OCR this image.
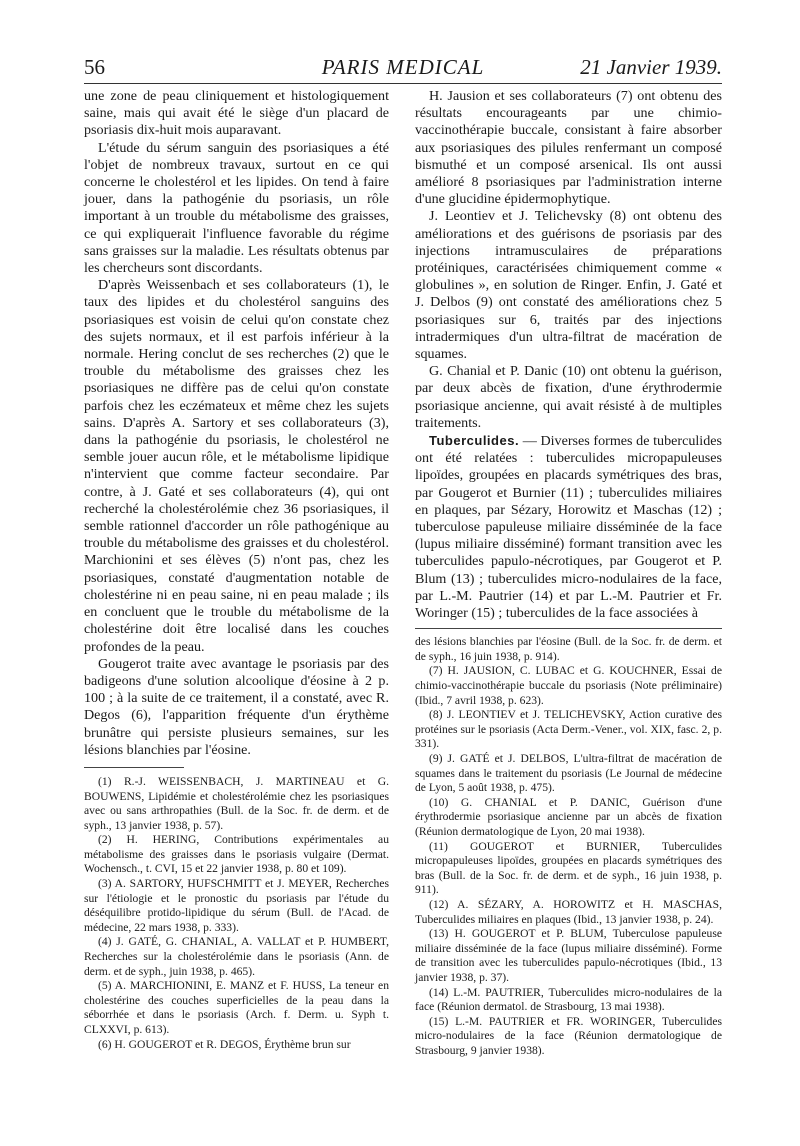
56	PARIS MEDICAL	21 Janvier 1939.

une zone de peau cliniquement et histologiquement saine, mais qui avait été le siège d'un placard de psoriasis dix-huit mois auparavant.

L'étude du sérum sanguin des psoriasiques a été l'objet de nombreux travaux, surtout en ce qui concerne le cholestérol et les lipides. On tend à faire jouer, dans la pathogénie du psoriasis, un rôle important à un trouble du métabolisme des graisses, ce qui expliquerait l'influence favorable du régime sans graisses sur la maladie. Les résultats obtenus par les chercheurs sont discordants.

D'après Weissenbach et ses collaborateurs (1), le taux des lipides et du cholestérol sanguins des psoriasiques est voisin de celui qu'on constate chez des sujets normaux, et il est parfois inférieur à la normale. Hering conclut de ses recherches (2) que le trouble du métabolisme des graisses chez les psoriasiques ne diffère pas de celui qu'on constate parfois chez les eczémateux et même chez les sujets sains. D'après A. Sartory et ses collaborateurs (3), dans la pathogénie du psoriasis, le cholestérol ne semble jouer aucun rôle, et le métabolisme lipidique n'intervient que comme facteur secondaire. Par contre, à J. Gaté et ses collaborateurs (4), qui ont recherché la cholestérolémie chez 36 psoriasiques, il semble rationnel d'accorder un rôle pathogénique au trouble du métabolisme des graisses et du cholestérol. Marchionini et ses élèves (5) n'ont pas, chez les psoriasiques, constaté d'augmentation notable de cholestérine ni en peau saine, ni en peau malade ; ils en concluent que le trouble du métabolisme de la cholestérine doit être localisé dans les couches profondes de la peau.

Gougerot traite avec avantage le psoriasis par des badigeons d'une solution alcoolique d'éosine à 2 p. 100 ; à la suite de ce traitement, il a constaté, avec R. Degos (6), l'apparition fréquente d'un érythème brunâtre qui persiste plusieurs semaines, sur les lésions blanchies par l'éosine.

(1) R.-J. WEISSENBACH, J. MARTINEAU et G. BOUWENS, Lipidémie et cholestérolémie chez les psoriasiques avec ou sans arthropathies (Bull. de la Soc. fr. de derm. et de syph., 13 janvier 1938, p. 57).

(2) H. HERING, Contributions expérimentales au métabolisme des graisses dans le psoriasis vulgaire (Dermat. Wochensch., t. CVI, 15 et 22 janvier 1938, p. 80 et 109).

(3) A. SARTORY, HUFSCHMITT et J. MEYER, Recherches sur l'étiologie et le pronostic du psoriasis par l'étude du déséquilibre protido-lipidique du sérum (Bull. de l'Acad. de médecine, 22 mars 1938, p. 333).

(4) J. GATÉ, G. CHANIAL, A. VALLAT et P. HUMBERT, Recherches sur la cholestérolémie dans le psoriasis (Ann. de derm. et de syph., juin 1938, p. 465).

(5) A. MARCHIONINI, E. MANZ et F. HUSS, La teneur en cholestérine des couches superficielles de la peau dans la séborrhée et dans le psoriasis (Arch. f. Derm. u. Syph t. CLXXVI, p. 613).

(6) H. GOUGEROT et R. DEGOS, Érythème brun sur

H. Jausion et ses collaborateurs (7) ont obtenu des résultats encourageants par une chimio-vaccinothérapie buccale, consistant à faire absorber aux psoriasiques des pilules renfermant un composé bismuthé et un composé arsenical. Ils ont aussi amélioré 8 psoriasiques par l'administration interne d'une glucidine épidermophytique.

J. Leontiev et J. Telichevsky (8) ont obtenu des améliorations et des guérisons de psoriasis par des injections intramusculaires de préparations protéiniques, caractérisées chimiquement comme « globulines », en solution de Ringer. Enfin, J. Gaté et J. Delbos (9) ont constaté des améliorations chez 5 psoriasiques sur 6, traités par des injections intradermiques d'un ultra-filtrat de macération de squames.

G. Chanial et P. Danic (10) ont obtenu la guérison, par deux abcès de fixation, d'une érythrodermie psoriasique ancienne, qui avait résisté à de multiples traitements.

Tuberculides. — Diverses formes de tuberculides ont été relatées : tuberculides micropapuleuses lipoïdes, groupées en placards symétriques des bras, par Gougerot et Burnier (11) ; tuberculides miliaires en plaques, par Sézary, Horowitz et Maschas (12) ; tuberculose papuleuse miliaire disséminée de la face (lupus miliaire disséminé) formant transition avec les tuberculides papulo-nécrotiques, par Gougerot et P. Blum (13) ; tuberculides micro-nodulaires de la face, par L.-M. Pautrier (14) et par L.-M. Pautrier et Fr. Woringer (15) ; tuberculides de la face associées à

des lésions blanchies par l'éosine (Bull. de la Soc. fr. de derm. et de syph., 16 juin 1938, p. 914).

(7) H. JAUSION, C. LUBAC et G. KOUCHNER, Essai de chimio-vaccinothérapie buccale du psoriasis (Note préliminaire) (Ibid., 7 avril 1938, p. 623).

(8) J. LEONTIEV et J. TELICHEVSKY, Action curative des protéines sur le psoriasis (Acta Derm.-Vener., vol. XIX, fasc. 2, p. 331).

(9) J. GATÉ et J. DELBOS, L'ultra-filtrat de macération de squames dans le traitement du psoriasis (Le Journal de médecine de Lyon, 5 août 1938, p. 475).

(10) G. CHANIAL et P. DANIC, Guérison d'une érythrodermie psoriasique ancienne par un abcès de fixation (Réunion dermatologique de Lyon, 20 mai 1938).

(11) GOUGEROT et BURNIER, Tuberculides micropapuleuses lipoïdes, groupées en placards symétriques des bras (Bull. de la Soc. fr. de derm. et de syph., 16 juin 1938, p. 911).

(12) A. SÉZARY, A. HOROWITZ et H. MASCHAS, Tuberculides miliaires en plaques (Ibid., 13 janvier 1938, p. 24).

(13) H. GOUGEROT et P. BLUM, Tuberculose papuleuse miliaire disséminée de la face (lupus miliaire disséminé). Forme de transition avec les tuberculides papulo-nécrotiques (Ibid., 13 janvier 1938, p. 37).

(14) L.-M. PAUTRIER, Tuberculides micro-nodulaires de la face (Réunion dermatol. de Strasbourg, 13 mai 1938).

(15) L.-M. PAUTRIER et FR. WORINGER, Tuberculides micro-nodulaires de la face (Réunion dermatologique de Strasbourg, 9 janvier 1938).
